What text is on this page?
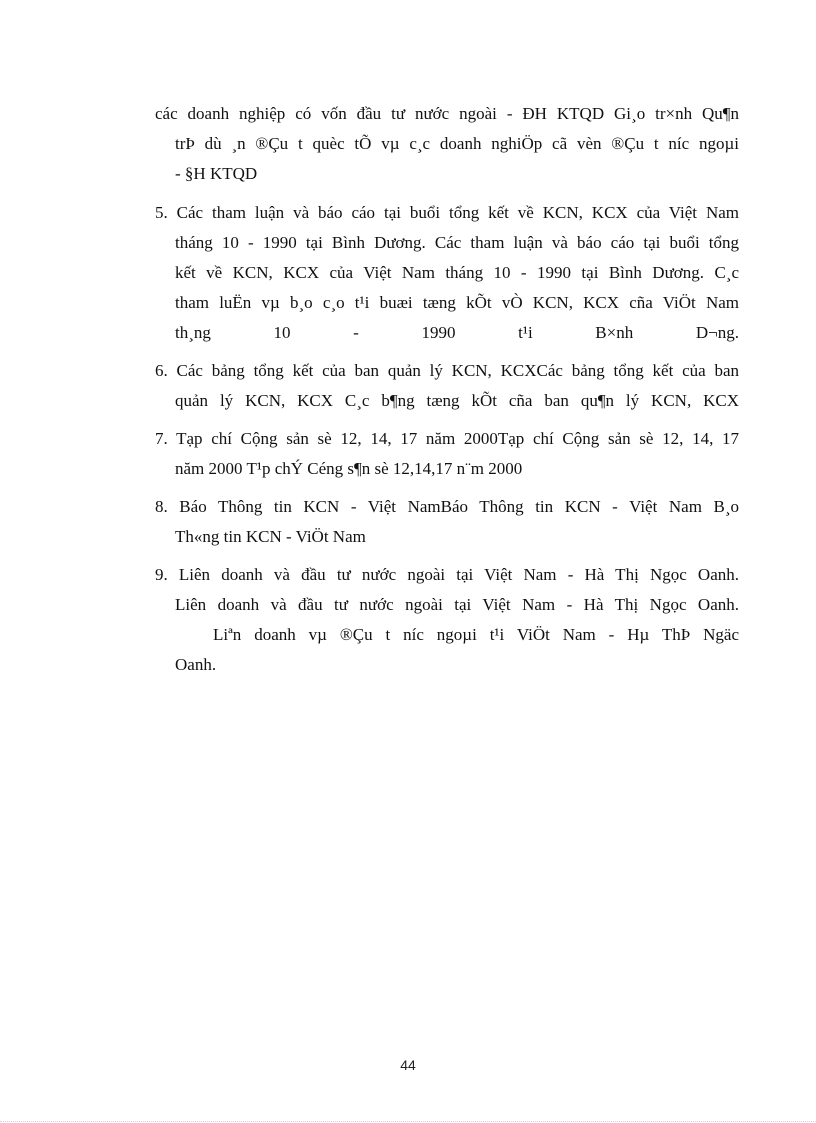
các doanh nghiệp có vốn đầu tư nước ngoài - ĐH KTQD Gi¸o tr×nh Qu¶n
trÞ dù ¸n ®Çu t quèc tÕ vµ c¸c doanh nghiÖp cã vèn ®Çu t níc ngoµi
- §H KTQD
5. Các tham luận và báo cáo tại buổi tổng kết về KCN, KCX của Việt Nam
tháng 10 - 1990 tại Bình Dương. Các tham luận và báo cáo tại buổi tổng
kết về KCN, KCX của Việt Nam tháng 10 - 1990 tại Bình Dương. C¸c
tham luËn vµ b¸o c¸o t¹i buæi tæng kÕt vÒ KCN, KCX cña ViÖt Nam
th¸ng 10 - 1990 t¹i B×nh D¬ng.
6. Các bảng tổng kết của ban quản lý KCN, KCXCác bảng tổng kết của ban
quản lý KCN, KCX C¸c b¶ng tæng kÕt cña ban qu¶n lý KCN, KCX
7. Tạp chí Cộng sản sè 12, 14, 17 năm 2000Tạp chí Cộng sản sè 12, 14, 17
năm 2000 T¹p chÝ Céng s¶n sè 12,14,17 n¨m 2000
8. Báo Thông tin KCN - Việt NamBáo Thông tin KCN - Việt Nam B¸o
Th«ng tin KCN - ViÖt Nam
9. Liên doanh và đầu tư nước ngoài tại Việt Nam - Hà Thị Ngọc Oanh.
Liên doanh và đầu tư nước ngoài tại Việt Nam - Hà Thị Ngọc Oanh.
Liªn doanh vµ ®Çu t níc ngoµi t¹i ViÖt Nam - Hµ ThÞ Ngäc
Oanh.
44
